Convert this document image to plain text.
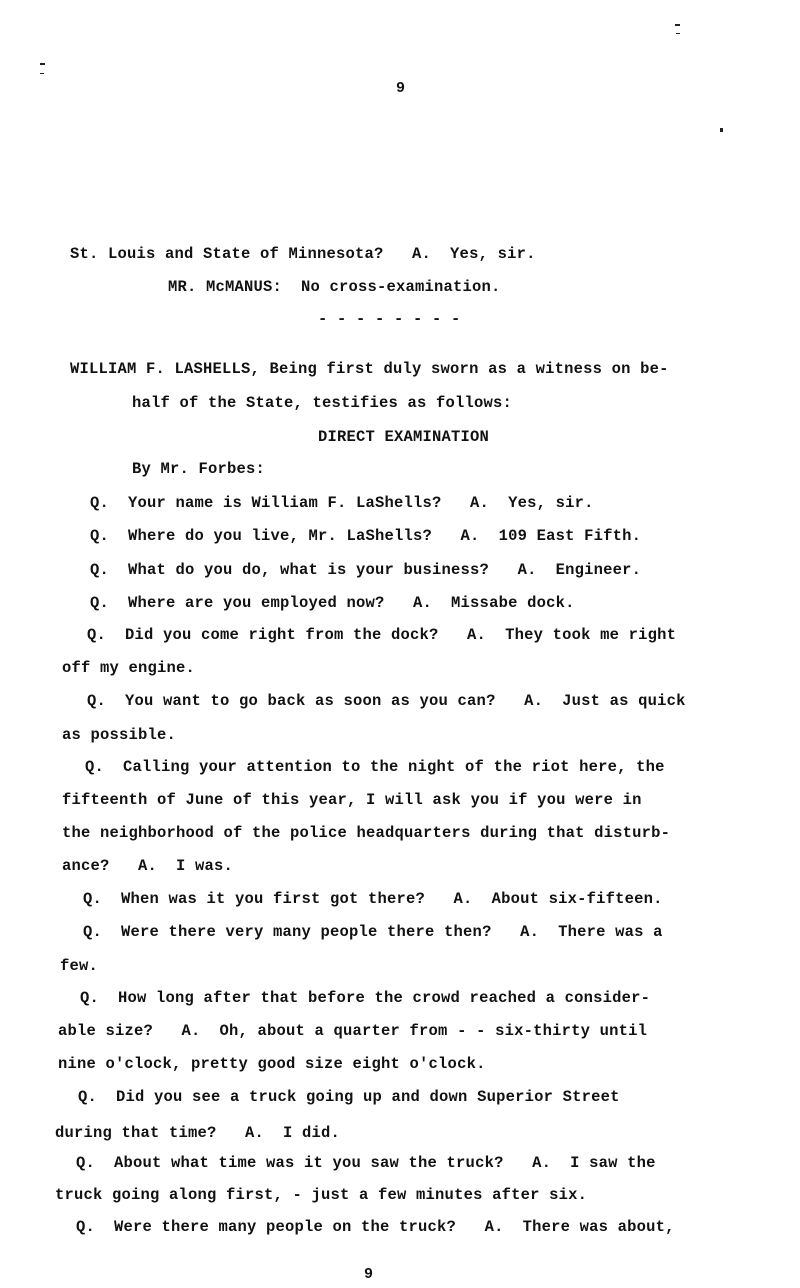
9
St. Louis and State of Minnesota?   A.  Yes, sir.
MR. McMANUS:  No cross-examination.
- - - - - - - -
WILLIAM F. LASHELLS, Being first duly sworn as a witness on be-
half of the State, testifies as follows:
DIRECT EXAMINATION
By Mr. Forbes:
Q.  Your name is William F. LaShells?   A.  Yes, sir.
Q.  Where do you live, Mr. LaShells?   A.  109 East Fifth.
Q.  What do you do, what is your business?   A.  Engineer.
Q.  Where are you employed now?   A.  Missabe dock.
Q.  Did you come right from the dock?   A.  They took me right
off my engine.
Q.  You want to go back as soon as you can?   A.  Just as quick
as possible.
Q.  Calling your attention to the night of the riot here, the
fifteenth of June of this year, I will ask you if you were in
the neighborhood of the police headquarters during that disturb-
ance?   A.  I was.
Q.  When was it you first got there?   A.  About six-fifteen.
Q.  Were there very many people there then?   A.  There was a
few.
Q.  How long after that before the crowd reached a consider-
able size?   A.  Oh, about a quarter from - - six-thirty until
nine o'clock, pretty good size eight o'clock.
Q.  Did you see a truck going up and down Superior Street
during that time?   A.  I did.
Q.  About what time was it you saw the truck?   A.  I saw the
truck going along first, - just a few minutes after six.
Q.  Were there many people on the truck?   A.  There was about,
9
